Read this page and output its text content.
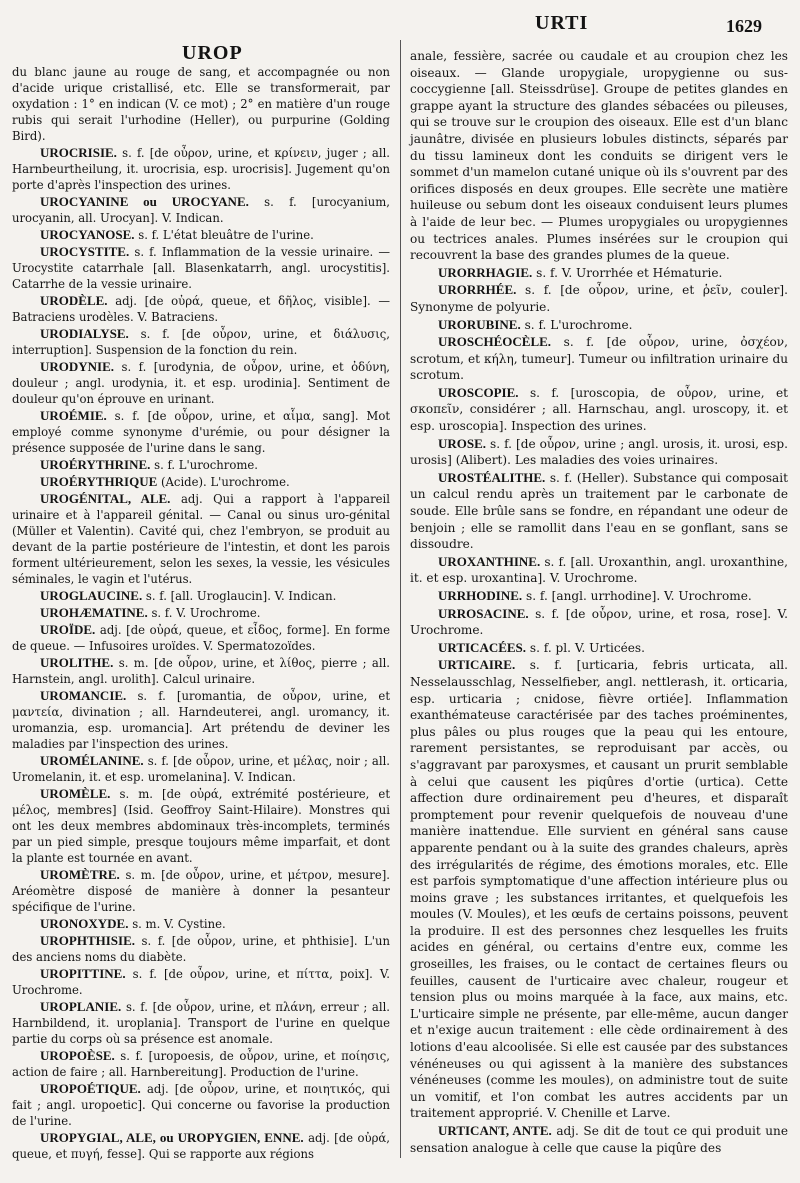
UROP
URTI	1629

du blanc jaune au rouge de sang, et accompagnée ou non d'acide urique cristallisé, etc. Elle se transformerait, par oxydation : 1° en indican (V. ce mot) ; 2° en matière d'un rouge rubis qui serait l'urhodine (Heller), ou purpurine (Golding Bird).

UROCRISIE. s. f. [de οὖρον, urine, et κρίνειν, juger ; all. Harnbeurtheilung, it. urocrisia, esp. urocrisis]. Jugement qu'on porte d'après l'inspection des urines.

UROCYANINE ou UROCYANE. s. f. [urocyanium, urocyanin, all. Urocyan]. V. Indican.

UROCYANOSE. s. f. L'état bleuâtre de l'urine.

UROCYSTITE. s. f. Inflammation de la vessie urinaire. — Urocystite catarrhale [all. Blasenkatarrh, angl. urocystitis]. Catarrhe de la vessie urinaire.

URODÈLE. adj. [de οὐρά, queue, et δῆλος, visible]. — Batraciens urodèles. V. Batraciens.

URODIALYSE. s. f. [de οὖρον, urine, et διάλυσις, interruption]. Suspension de la fonction du rein.

URODYNIE. s. f. [urodynia, de οὖρον, urine, et ὀδύνη, douleur ; angl. urodynia, it. et esp. urodinia]. Sentiment de douleur qu'on éprouve en urinant.

UROÉMIE. s. f. [de οὖρον, urine, et αἷμα, sang]. Mot employé comme synonyme d'urémie, ou pour désigner la présence supposée de l'urine dans le sang.

UROÉRYTHRINE. s. f. L'urochrome.

UROÉRYTHRIQUE (Acide). L'urochrome.

UROGÉNITAL, ALE. adj. Qui a rapport à l'appareil urinaire et à l'appareil génital. — Canal ou sinus uro-génital (Müller et Valentin). Cavité qui, chez l'embryon, se produit au devant de la partie postérieure de l'intestin, et dont les parois forment ultérieurement, selon les sexes, la vessie, les vésicules séminales, le vagin et l'utérus.

UROGLAUCINE. s. f. [all. Uroglaucin]. V. Indican.

UROHÆMATINE. s. f. V. Urochrome.

UROÏDE. adj. [de οὐρά, queue, et εἶδος, forme]. En forme de queue. — Infusoires uroïdes. V. Spermatozoïdes.

UROLITHE. s. m. [de οὖρον, urine, et λίθος, pierre ; all. Harnstein, angl. urolith]. Calcul urinaire.

UROMANCIE. s. f. [uromantia, de οὖρον, urine, et μαντεία, divination ; all. Harndeuterei, angl. uromancy, it. uromanzia, esp. uromancia]. Art prétendu de deviner les maladies par l'inspection des urines.

UROMÉLANINE. s. f. [de οὖρον, urine, et μέλας, noir ; all. Uromelanin, it. et esp. uromelanina]. V. Indican.

UROMÈLE. s. m. [de οὐρά, extrémité postérieure, et μέλος, membres] (Isid. Geoffroy Saint-Hilaire). Monstres qui ont les deux membres abdominaux très-incomplets, terminés par un pied simple, presque toujours même imparfait, et dont la plante est tournée en avant.

UROMÈTRE. s. m. [de οὖρον, urine, et μέτρον, mesure]. Aréomètre disposé de manière à donner la pesanteur spécifique de l'urine.

URONOXYDE. s. m. V. Cystine.

UROPHTHISIE. s. f. [de οὖρον, urine, et phthisie]. L'un des anciens noms du diabète.

UROPITTINE. s. f. [de οὖρον, urine, et πίττα, poix]. V. Urochrome.

UROPLANIE. s. f. [de οὖρον, urine, et πλάνη, erreur ; all. Harnbildend, it. uroplania]. Transport de l'urine en quelque partie du corps où sa présence est anomale.

UROPOÈSE. s. f. [uropoesis, de οὖρον, urine, et ποίησις, action de faire ; all. Harnbereitung]. Production de l'urine.

UROPOÉTIQUE. adj. [de οὖρον, urine, et ποιητικός, qui fait ; angl. uropoetic]. Qui concerne ou favorise la production de l'urine.

UROPYGIAL, ALE, ou UROPYGIEN, ENNE. adj. [de οὐρά, queue, et πυγή, fesse]. Qui se rapporte aux régions

anale, fessière, sacrée ou caudale et au croupion chez les oiseaux. — Glande uropygiale, uropygienne ou sus-coccygienne [all. Steissdrüse]. Groupe de petites glandes en grappe ayant la structure des glandes sébacées ou pileuses, qui se trouve sur le croupion des oiseaux. Elle est d'un blanc jaunâtre, divisée en plusieurs lobules distincts, séparés par du tissu lamineux dont les conduits se dirigent vers le sommet d'un mamelon cutané unique où ils s'ouvrent par des orifices disposés en deux groupes. Elle secrète une matière huileuse ou sebum dont les oiseaux conduisent leurs plumes à l'aide de leur bec. — Plumes uropygiales ou uropygiennes ou tectrices anales. Plumes insérées sur le croupion qui recouvrent la base des grandes plumes de la queue.

URORRHAGIE. s. f. V. Urorrhée et Hématurie.

URORRHÉE. s. f. [de οὖρον, urine, et ῥεῖν, couler]. Synonyme de polyurie.

URORUBINE. s. f. L'urochrome.

UROSCHÉOCÈLE. s. f. [de οὖρον, urine, ὀσχέον, scrotum, et κήλη, tumeur]. Tumeur ou infiltration urinaire du scrotum.

UROSCOPIE. s. f. [uroscopia, de οὖρον, urine, et σκοπεῖν, considérer ; all. Harnschau, angl. uroscopy, it. et esp. uroscopia]. Inspection des urines.

UROSE. s. f. [de οὖρον, urine ; angl. urosis, it. urosi, esp. urosis] (Alibert). Les maladies des voies urinaires.

UROSTÉALITHE. s. f. (Heller). Substance qui composait un calcul rendu après un traitement par le carbonate de soude. Elle brûle sans se fondre, en répandant une odeur de benjoin ; elle se ramollit dans l'eau en se gonflant, sans se dissoudre.

UROXANTHINE. s. f. [all. Uroxanthin, angl. uroxanthine, it. et esp. uroxantina]. V. Urochrome.

URRHODINE. s. f. [angl. urrhodine]. V. Urochrome.

URROSACINE. s. f. [de οὖρον, urine, et rosa, rose]. V. Urochrome.

URTICACÉES. s. f. pl. V. Urticées.

URTICAIRE. s. f. [urticaria, febris urticata, all. Nesselausschlag, Nesselfieber, angl. nettlerash, it. orticaria, esp. urticaria ; cnidose, fièvre ortiée]. Inflammation exanthémateuse caractérisée par des taches proéminentes, plus pâles ou plus rouges que la peau qui les entoure, rarement persistantes, se reproduisant par accès, ou s'aggravant par paroxysmes, et causant un prurit semblable à celui que causent les piqûres d'ortie (urtica). Cette affection dure ordinairement peu d'heures, et disparaît promptement pour revenir quelquefois de nouveau d'une manière inattendue. Elle survient en général sans cause apparente pendant ou à la suite des grandes chaleurs, après des irrégularités de régime, des émotions morales, etc. Elle est parfois symptomatique d'une affection intérieure plus ou moins grave ; les substances irritantes, et quelquefois les moules (V. Moules), et les œufs de certains poissons, peuvent la produire. Il est des personnes chez lesquelles les fruits acides en général, ou certains d'entre eux, comme les groseilles, les fraises, ou le contact de certaines fleurs ou feuilles, causent de l'urticaire avec chaleur, rougeur et tension plus ou moins marquée à la face, aux mains, etc. L'urticaire simple ne présente, par elle-même, aucun danger et n'exige aucun traitement : elle cède ordinairement à des lotions d'eau alcoolisée. Si elle est causée par des substances vénéneuses ou qui agissent à la manière des substances vénéneuses (comme les moules), on administre tout de suite un vomitif, et l'on combat les autres accidents par un traitement approprié. V. Chenille et Larve.

URTICANT, ANTE. adj. Se dit de tout ce qui produit une sensation analogue à celle que cause la piqûre des
